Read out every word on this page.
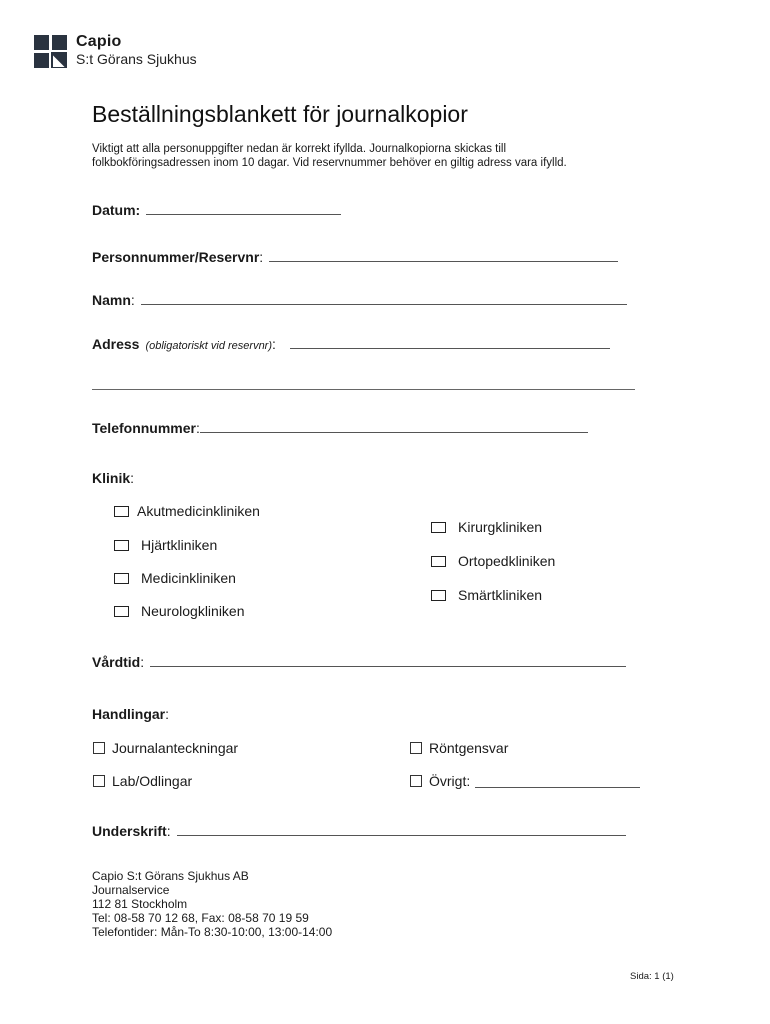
Capio
S:t Görans Sjukhus
Beställningsblankett för journalkopior
Viktigt att alla personuppgifter nedan är korrekt ifyllda. Journalkopiorna skickas till
folkbokföringsadressen inom 10 dagar. Vid reservnummer behöver en giltig adress vara ifylld.
Datum:
Personnummer/Reservnr :
Namn :
Adress (obligatoriskt vid reservnr) :
Telefonnummer :
Klinik :
Akutmedicinkliniken
Hjärtkliniken
Medicinkliniken
Neurologkliniken
Kirurgkliniken
Ortopedkliniken
Smärtkliniken
Vårdtid :
Handlingar :
Journalanteckningar
Lab/Odlingar
Röntgensvar
Övrigt:
Underskrift :
Capio S:t Görans Sjukhus AB
Journalservice
112 81 Stockholm
Tel: 08-58 70 12 68, Fax: 08-58 70 19 59
Telefontider: Mån-To 8:30-10:00, 13:00-14:00
Sida: 1 (1)
